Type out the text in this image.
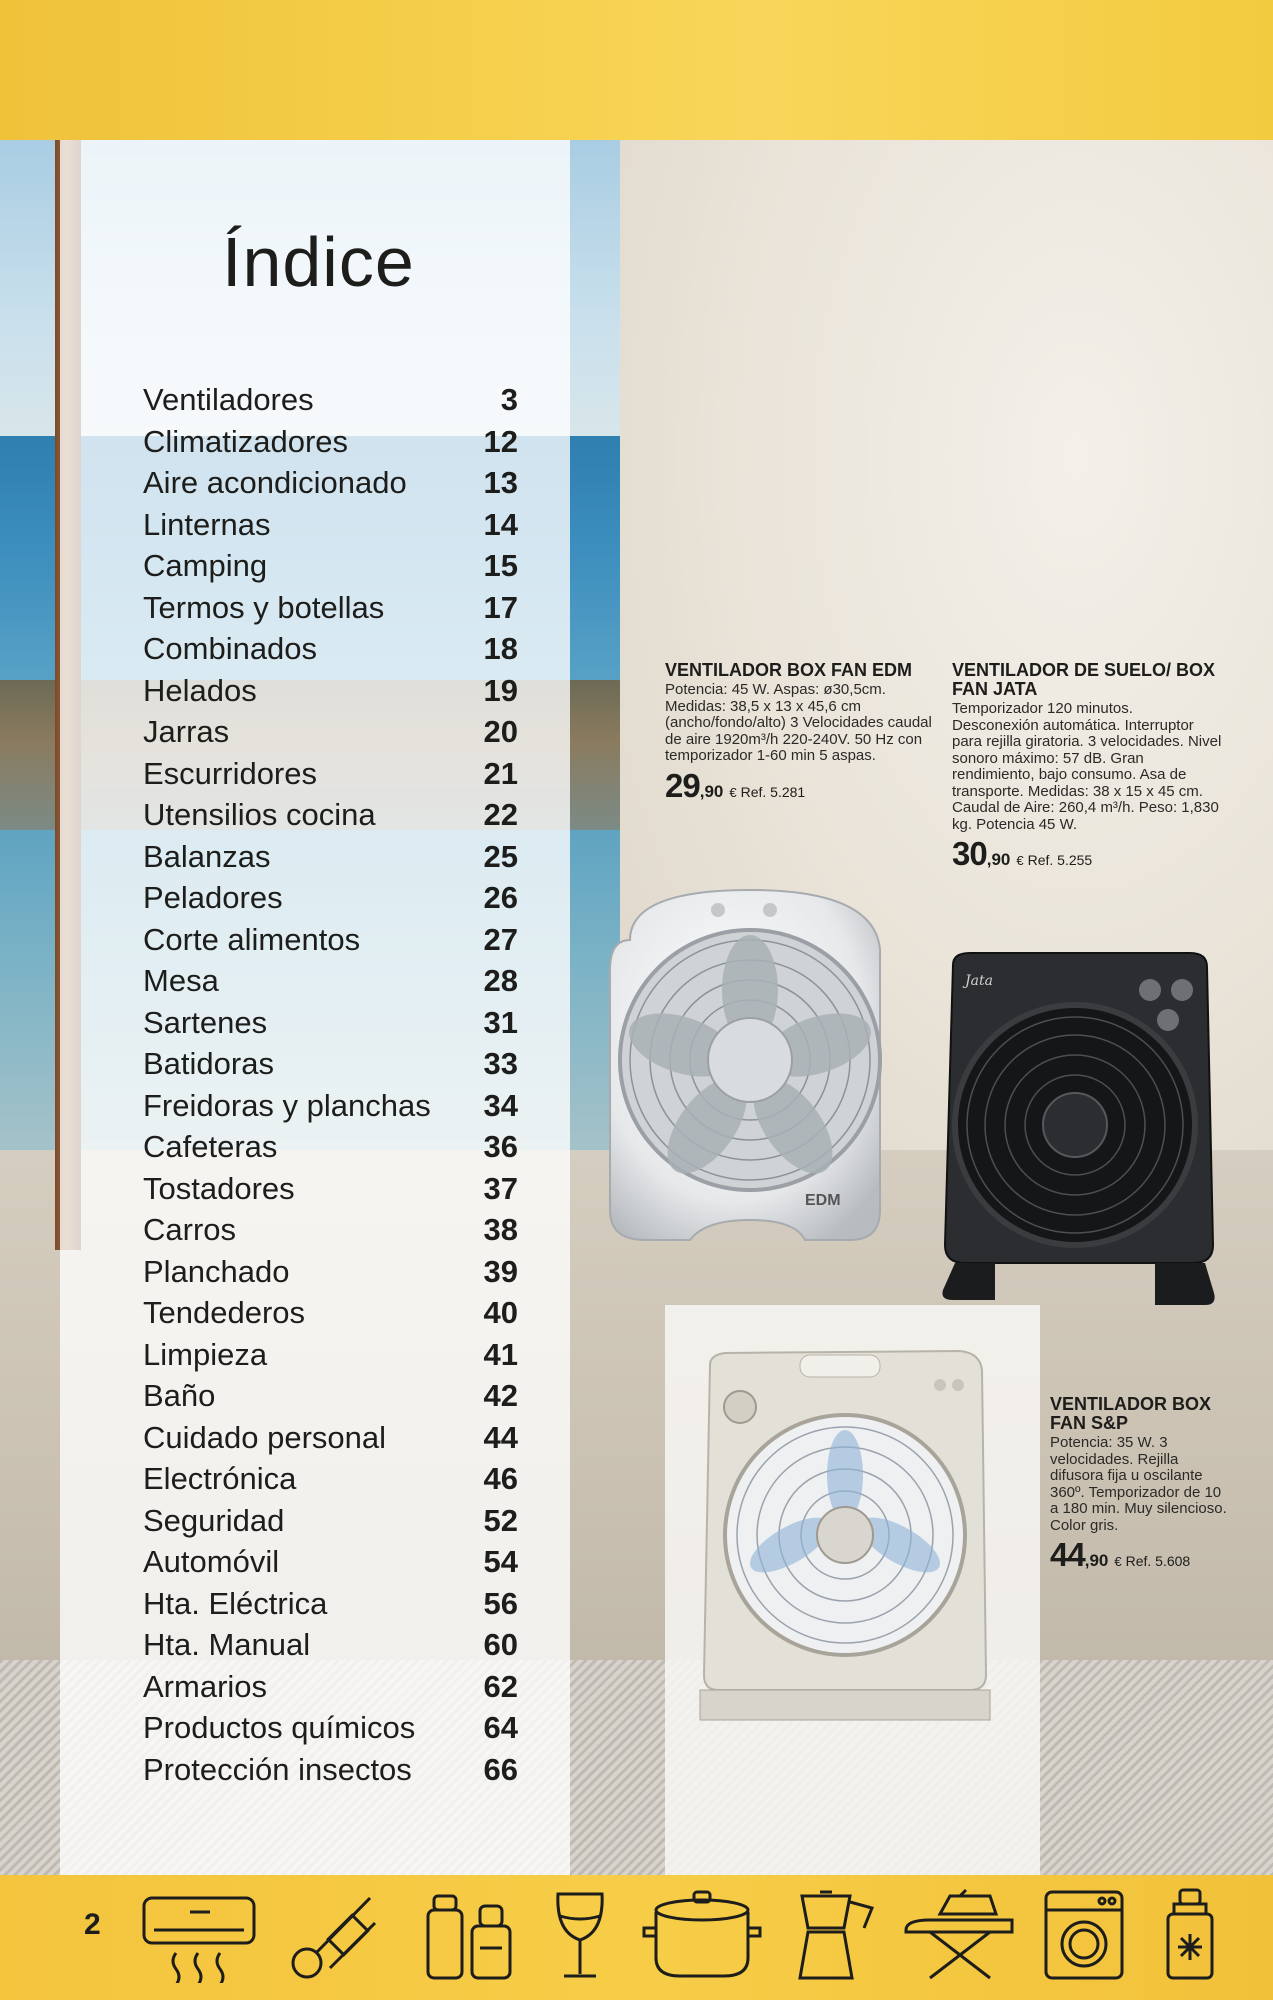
Índice
Ventiladores	3
Climatizadores	12
Aire acondicionado 13
Linternas	14
Camping	15
Termos y botellas	17
Combinados	18
Helados	19
Jarras	20
Escurridores	21
Utensilios cocina	22
Balanzas	25
Peladores	26
Corte alimentos	27
Mesa	28
Sartenes	31
Batidoras	33
Freidoras y planchas 34
Cafeteras	36
Tostadores	37
Carros	38
Planchado	39
Tendederos	40
Limpieza	41
Baño	42
Cuidado personal	44
Electrónica	46
Seguridad	52
Automóvil	54
Hta. Eléctrica	56
Hta. Manual	60
Armarios	62
Productos químicos 64
Protección insectos 66
VENTILADOR BOX FAN EDM
Potencia: 45 W. Aspas: ø30,5cm. Medidas: 38,5 x 13 x 45,6 cm (ancho/fondo/alto) 3 Velocidades caudal de aire 1920m³/h 220-240V. 50 Hz con temporizador 1-60 min 5 aspas.
29 ,90 € Ref. 5.281
VENTILADOR DE SUELO/ BOX FAN JATA
Temporizador 120 minutos. Desconexión automática. Interruptor para rejilla giratoria. 3 velocidades. Nivel sonoro máximo: 57 dB. Gran rendimiento, bajo consumo. Asa de transporte. Medidas: 38 x 15 x 45 cm. Caudal de Aire: 260,4 m³/h. Peso: 1,830 kg. Potencia 45 W.
30 ,90 € Ref. 5.255
EDM
Jata
VENTILADOR BOX FAN S&P
Potencia: 35 W. 3 velocidades. Rejilla difusora fija u oscilante 360º. Temporizador de 10 a 180 min. Muy silencioso. Color gris.
44 ,90 € Ref. 5.608
2
